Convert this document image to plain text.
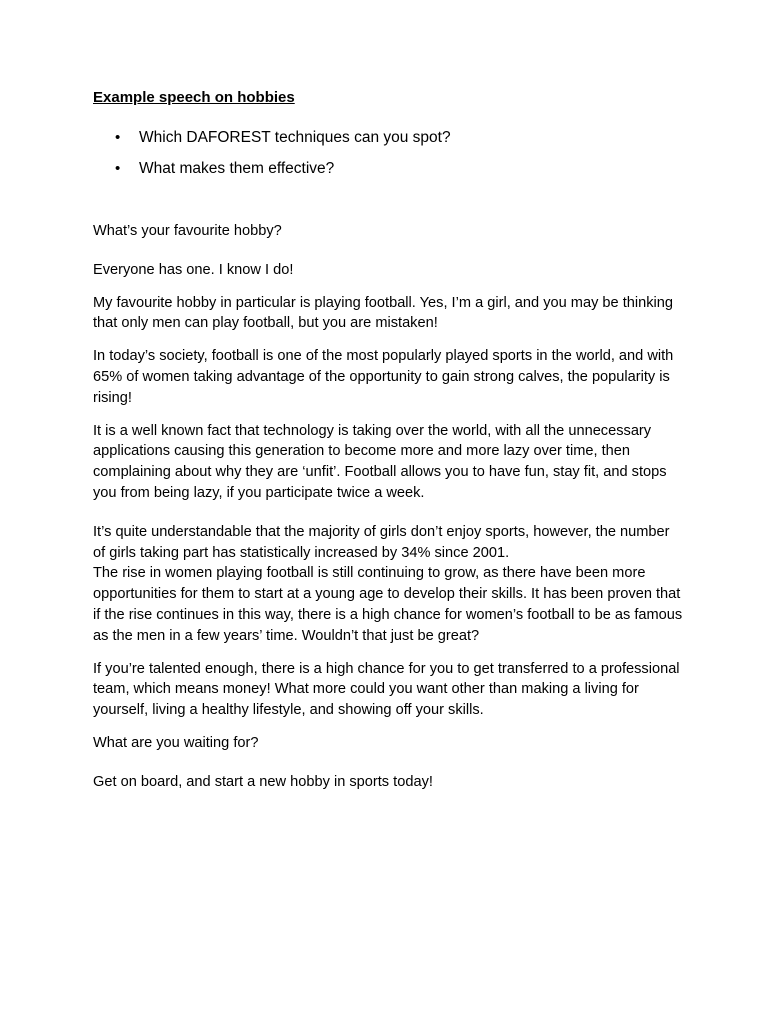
Example speech on hobbies
• Which DAFOREST techniques can you spot?
• What makes them effective?

What’s your favourite hobby?

Everyone has one. I know I do!

My favourite hobby in particular is playing football. Yes, I’m a girl, and you may be thinking that only men can play football, but you are mistaken!

In today’s society, football is one of the most popularly played sports in the world, and with 65% of women taking advantage of the opportunity to gain strong calves, the popularity is rising!

It is a well known fact that technology is taking over the world, with all the unnecessary applications causing this generation to become more and more lazy over time, then complaining about why they are ‘unfit’. Football allows you to have fun, stay fit, and stops you from being lazy, if you participate twice a week.

It’s quite understandable that the majority of girls don’t enjoy sports, however, the number of girls taking part has statistically increased by 34% since 2001.

The rise in women playing football is still continuing to grow, as there have been more opportunities for them to start at a young age to develop their skills. It has been proven that if the rise continues in this way, there is a high chance for women’s football to be as famous as the men in a few years’ time. Wouldn’t that just be great?

If you’re talented enough, there is a high chance for you to get transferred to a professional team, which means money! What more could you want other than making a living for yourself, living a healthy lifestyle, and showing off your skills.

What are you waiting for?

Get on board, and start a new hobby in sports today!
